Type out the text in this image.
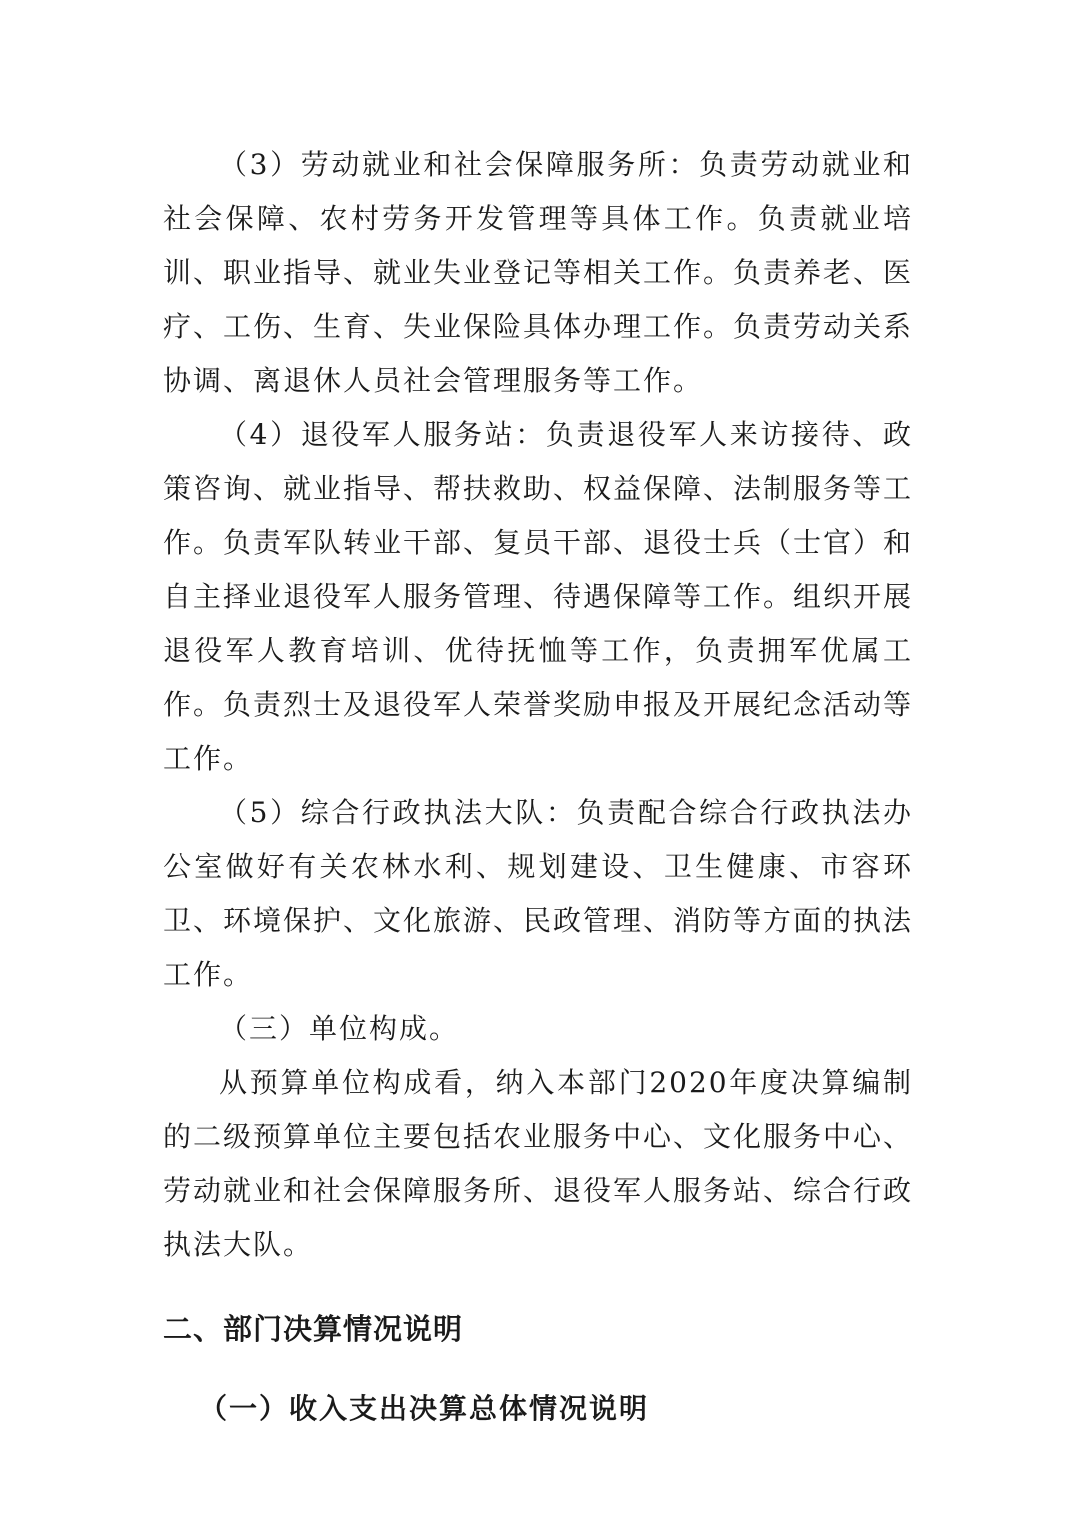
（3）劳动就业和社会保障服务所：负责劳动就业和社会保障、农村劳务开发管理等具体工作。负责就业培训、职业指导、就业失业登记等相关工作。负责养老、医疗、工伤、生育、失业保险具体办理工作。负责劳动关系协调、离退休人员社会管理服务等工作。

（4）退役军人服务站：负责退役军人来访接待、政策咨询、就业指导、帮扶救助、权益保障、法制服务等工作。负责军队转业干部、复员干部、退役士兵（士官）和自主择业退役军人服务管理、待遇保障等工作。组织开展退役军人教育培训、优待抚恤等工作，负责拥军优属工作。负责烈士及退役军人荣誉奖励申报及开展纪念活动等工作。

（5）综合行政执法大队：负责配合综合行政执法办公室做好有关农林水利、规划建设、卫生健康、市容环卫、环境保护、文化旅游、民政管理、消防等方面的执法工作。

（三）单位构成。

从预算单位构成看，纳入本部门2020年度决算编制的二级预算单位主要包括农业服务中心、文化服务中心、劳动就业和社会保障服务所、退役军人服务站、综合行政执法大队。

二、部门决算情况说明
（一）收入支出决算总体情况说明
